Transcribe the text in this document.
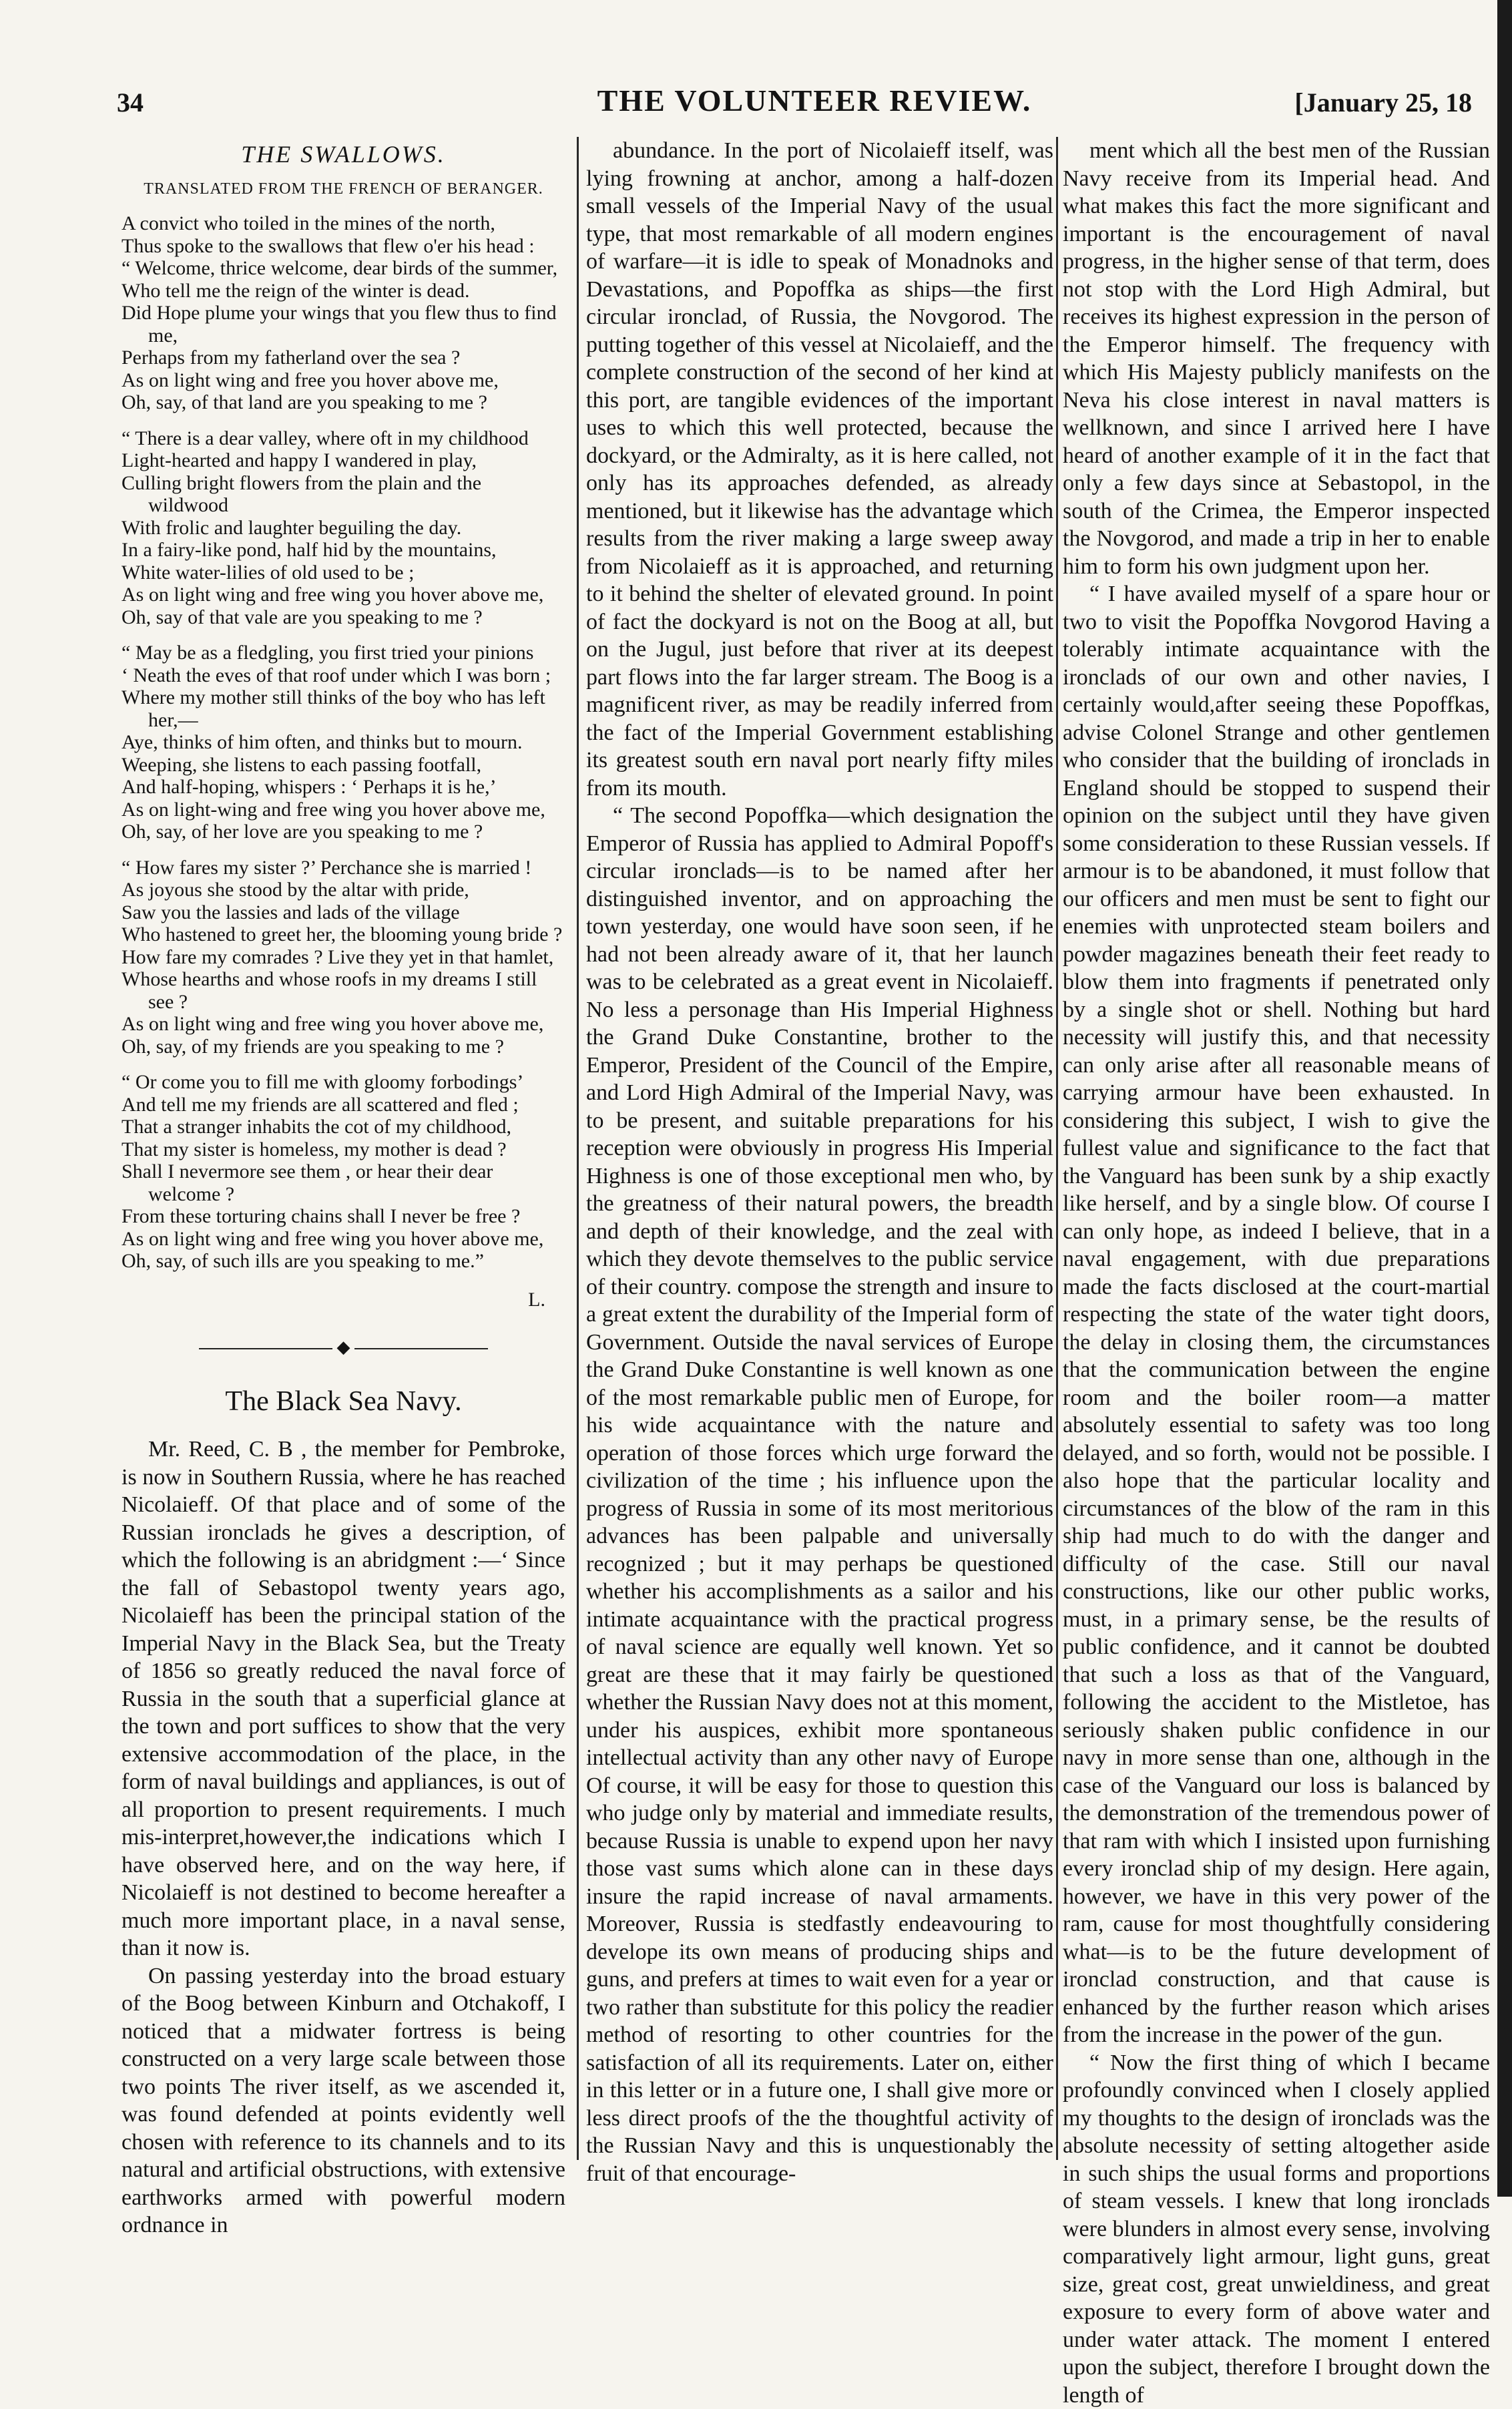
34	THE VOLUNTEER REVIEW.	[January 25, 18
THE SWALLOWS.
TRANSLATED FROM THE FRENCH OF BERANGER.
A convict who toiled in the mines of the north,
Thus spoke to the swallows that flew o'er his head :
“ Welcome, thrice welcome, dear birds of the summer,
Who tell me the reign of the winter is dead.
Did Hope plume your wings that you flew thus to find me,
Perhaps from my fatherland over the sea ?
As on light wing and free you hover above me,
Oh, say, of that land are you speaking to me ?
“ There is a dear valley, where oft in my childhood
Light-hearted and happy I wandered in play,
Culling bright flowers from the plain and the wildwood
With frolic and laughter beguiling the day.
In a fairy-like pond, half hid by the mountains,
White water-lilies of old used to be ;
As on light wing and free wing you hover above me,
Oh, say of that vale are you speaking to me ?
“ May be as a fledgling, you first tried your pinions
‘ Neath the eves of that roof under which I was born ;
Where my mother still thinks of the boy who has left her,—
Aye, thinks of him often, and thinks but to mourn.
Weeping, she listens to each passing footfall,
And half-hoping, whispers : ‘ Perhaps it is he,’
As on light-wing and free wing you hover above me,
Oh, say, of her love are you speaking to me ?
“ How fares my sister ?’ Perchance she is married !
As joyous she stood by the altar with pride,
Saw you the lassies and lads of the village
Who hastened to greet her, the blooming young bride ?
How fare my comrades ? Live they yet in that hamlet,
Whose hearths and whose roofs in my dreams I still see ?
As on light wing and free wing you hover above me,
Oh, say, of my friends are you speaking to me ?
“ Or come you to fill me with gloomy forbodings’
And tell me my friends are all scattered and fled ;
That a stranger inhabits the cot of my childhood,
That my sister is homeless, my mother is dead ?
Shall I nevermore see them , or hear their dear welcome ?
From these torturing chains shall I never be free ?
As on light wing and free wing you hover above me,
Oh, say, of such ills are you speaking to me.”
L.
◆
The Black Sea Navy.

Mr. Reed, C. B , the member for Pembroke, is now in Southern Russia, where he has reached Nicolaieff. Of that place and of some of the Russian ironclads he gives a description, of which the following is an abridgment :—‘ Since the fall of Sebastopol twenty years ago, Nicolaieff has been the principal station of the Imperial Navy in the Black Sea, but the Treaty of 1856 so greatly reduced the naval force of Russia in the south that a superficial glance at the town and port suffices to show that the very extensive accommodation of the place, in the form of naval buildings and appliances, is out of all proportion to present requirements. I much mis-interpret,however,the indications which I have observed here, and on the way here, if Nicolaieff is not destined to become hereafter a much more important place, in a naval sense, than it now is.

On passing yesterday into the broad estuary of the Boog between Kinburn and Otchakoff, I noticed that a midwater fortress is being constructed on a very large scale between those two points The river itself, as we ascended it, was found defended at points evidently well chosen with reference to its channels and to its natural and artificial obstructions, with extensive earthworks armed with powerful modern ordnance in

abundance. In the port of Nicolaieff itself, was lying frowning at anchor, among a half-dozen small vessels of the Imperial Navy of the usual type, that most remarkable of all modern engines of warfare—it is idle to speak of Monadnoks and Devastations, and Popoffka as ships—the first circular ironclad, of Russia, the Novgorod. The putting together of this vessel at Nicolaieff, and the complete construction of the second of her kind at this port, are tangible evidences of the important uses to which this well protected, because the dockyard, or the Admiralty, as it is here called, not only has its approaches defended, as already mentioned, but it likewise has the advantage which results from the river making a large sweep away from Nicolaieff as it is approached, and returning to it behind the shelter of elevated ground. In point of fact the dockyard is not on the Boog at all, but on the Jugul, just before that river at its deepest part flows into the far larger stream. The Boog is a magnificent river, as may be readily inferred from the fact of the Imperial Government establishing its greatest south ern naval port nearly fifty miles from its mouth.

“ The second Popoffka—which designation the Emperor of Russia has applied to Admiral Popoff's circular ironclads—is to be named after her distinguished inventor, and on approaching the town yesterday, one would have soon seen, if he had not been already aware of it, that her launch was to be celebrated as a great event in Nicolaieff. No less a personage than His Imperial Highness the Grand Duke Constantine, brother to the Emperor, President of the Council of the Empire, and Lord High Admiral of the Imperial Navy, was to be present, and suitable preparations for his reception were obviously in progress His Imperial Highness is one of those exceptional men who, by the greatness of their natural powers, the breadth and depth of their knowledge, and the zeal with which they devote themselves to the public service of their country. compose the strength and insure to a great extent the durability of the Imperial form of Government. Outside the naval services of Europe the Grand Duke Constantine is well known as one of the most remarkable public men of Europe, for his wide acquaintance with the nature and operation of those forces which urge forward the civilization of the time ; his influence upon the progress of Russia in some of its most meritorious advances has been palpable and universally recognized ; but it may perhaps be questioned whether his accomplishments as a sailor and his intimate acquaintance with the practical progress of naval science are equally well known. Yet so great are these that it may fairly be questioned whether the Russian Navy does not at this moment, under his auspices, exhibit more spontaneous intellectual activity than any other navy of Europe Of course, it will be easy for those to question this who judge only by material and immediate results, because Russia is unable to expend upon her navy those vast sums which alone can in these days insure the rapid increase of naval armaments. Moreover, Russia is stedfastly endeavouring to develope its own means of producing ships and guns, and prefers at times to wait even for a year or two rather than substitute for this policy the readier method of resorting to other countries for the satisfaction of all its requirements. Later on, either in this letter or in a future one, I shall give more or less direct proofs of the the thoughtful activity of the Russian Navy and this is unquestionably the fruit of that encourage-

ment which all the best men of the Russian Navy receive from its Imperial head. And what makes this fact the more significant and important is the encouragement of naval progress, in the higher sense of that term, does not stop with the Lord High Admiral, but receives its highest expression in the person of the Emperor himself. The frequency with which His Majesty publicly manifests on the Neva his close interest in naval matters is wellknown, and since I arrived here I have heard of another example of it in the fact that only a few days since at Sebastopol, in the south of the Crimea, the Emperor inspected the Novgorod, and made a trip in her to enable him to form his own judgment upon her.

“ I have availed myself of a spare hour or two to visit the Popoffka Novgorod Having a tolerably intimate acquaintance with the ironclads of our own and other navies, I certainly would,after seeing these Popoffkas, advise Colonel Strange and other gentlemen who consider that the building of ironclads in England should be stopped to suspend their opinion on the subject until they have given some consideration to these Russian vessels. If armour is to be abandoned, it must follow that our officers and men must be sent to fight our enemies with unprotected steam boilers and powder magazines beneath their feet ready to blow them into fragments if penetrated only by a single shot or shell. Nothing but hard necessity will justify this, and that necessity can only arise after all reasonable means of carrying armour have been exhausted. In considering this subject, I wish to give the fullest value and significance to the fact that the Vanguard has been sunk by a ship exactly like herself, and by a single blow. Of course I can only hope, as indeed I believe, that in a naval engagement, with due preparations made the facts disclosed at the court-martial respecting the state of the water tight doors, the delay in closing them, the circumstances that the communication between the engine room and the boiler room—a matter absolutely essential to safety was too long delayed, and so forth, would not be possible. I also hope that the particular locality and circumstances of the blow of the ram in this ship had much to do with the danger and difficulty of the case. Still our naval constructions, like our other public works, must, in a primary sense, be the results of public confidence, and it cannot be doubted that such a loss as that of the Vanguard, following the accident to the Mistletoe, has seriously shaken public confidence in our navy in more sense than one, although in the case of the Vanguard our loss is balanced by the demonstration of the tremendous power of that ram with which I insisted upon furnishing every ironclad ship of my design. Here again, however, we have in this very power of the ram, cause for most thoughtfully considering what—is to be the future development of ironclad construction, and that cause is enhanced by the further reason which arises from the increase in the power of the gun.

“ Now the first thing of which I became profoundly convinced when I closely applied my thoughts to the design of ironclads was the absolute necessity of setting altogether aside in such ships the usual forms and proportions of steam vessels. I knew that long ironclads were blunders in almost every sense, involving comparatively light armour, light guns, great size, great cost, great unwieldiness, and great exposure to every form of above water and under water attack. The moment I entered upon the subject, therefore I brought down the length of
